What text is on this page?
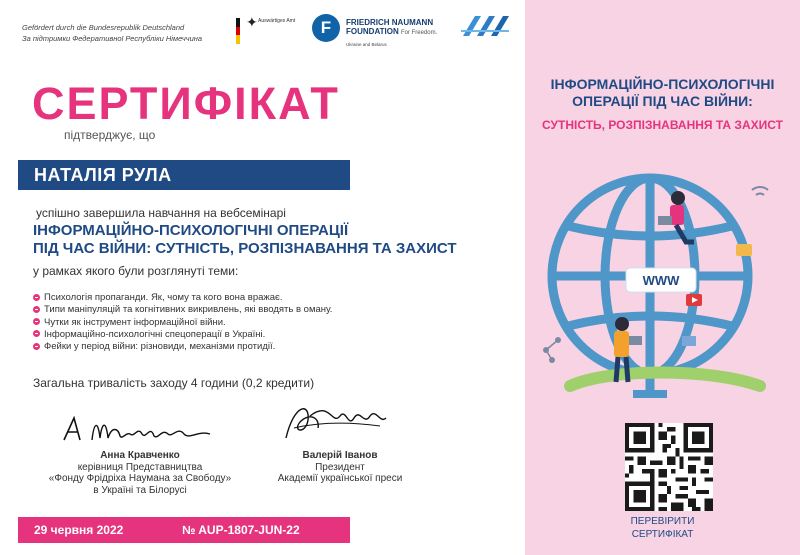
Gefördert durch die Bundesrepublik Deutschland
За підтримки Федеративної Республіки Німеччина
✦ Auswärtiges Amt	F	FRIEDRICH NAUMANN
FOUNDATION For Freedom.
Ukraine and Belarus
СЕРТИФІКАТ
підтверджує, що
НАТАЛІЯ РУЛА
успішно завершила навчання на вебсемінарі
ІНФОРМАЦІЙНО-ПСИХОЛОГІЧНІ ОПЕРАЦІЇ
ПІД ЧАС ВІЙНИ: СУТНІСТЬ, РОЗПІЗНАВАННЯ ТА ЗАХИСТ
у рамках якого були розглянуті теми:
Психологія пропаганди. Як, чому та кого вона вражає.
Типи маніпуляцій та когнітивних викривлень, які вводять в оману.
Чутки як інструмент інформаційної війни.
Інформаційно-психологічні спецоперації в Україні.
Фейки у період війни: різновиди, механізми протидії.
Загальна тривалість заходу 4 години (0,2 кредити)
Анна Кравченко
керівниця Представництва
«Фонду Фрідріха Наумана за Свободу»
в Україні та Білорусі
Валерій Іванов
Президент
Академії української преси
29 червня 2022	№ AUP-1807-JUN-22
ІНФОРМАЦІЙНО-ПСИХОЛОГІЧНІ
ОПЕРАЦІЇ ПІД ЧАС ВІЙНИ:
СУТНІСТЬ, РОЗПІЗНАВАННЯ ТА ЗАХИСТ
WWW
ПЕРЕВІРИТИ
СЕРТИФІКАТ
